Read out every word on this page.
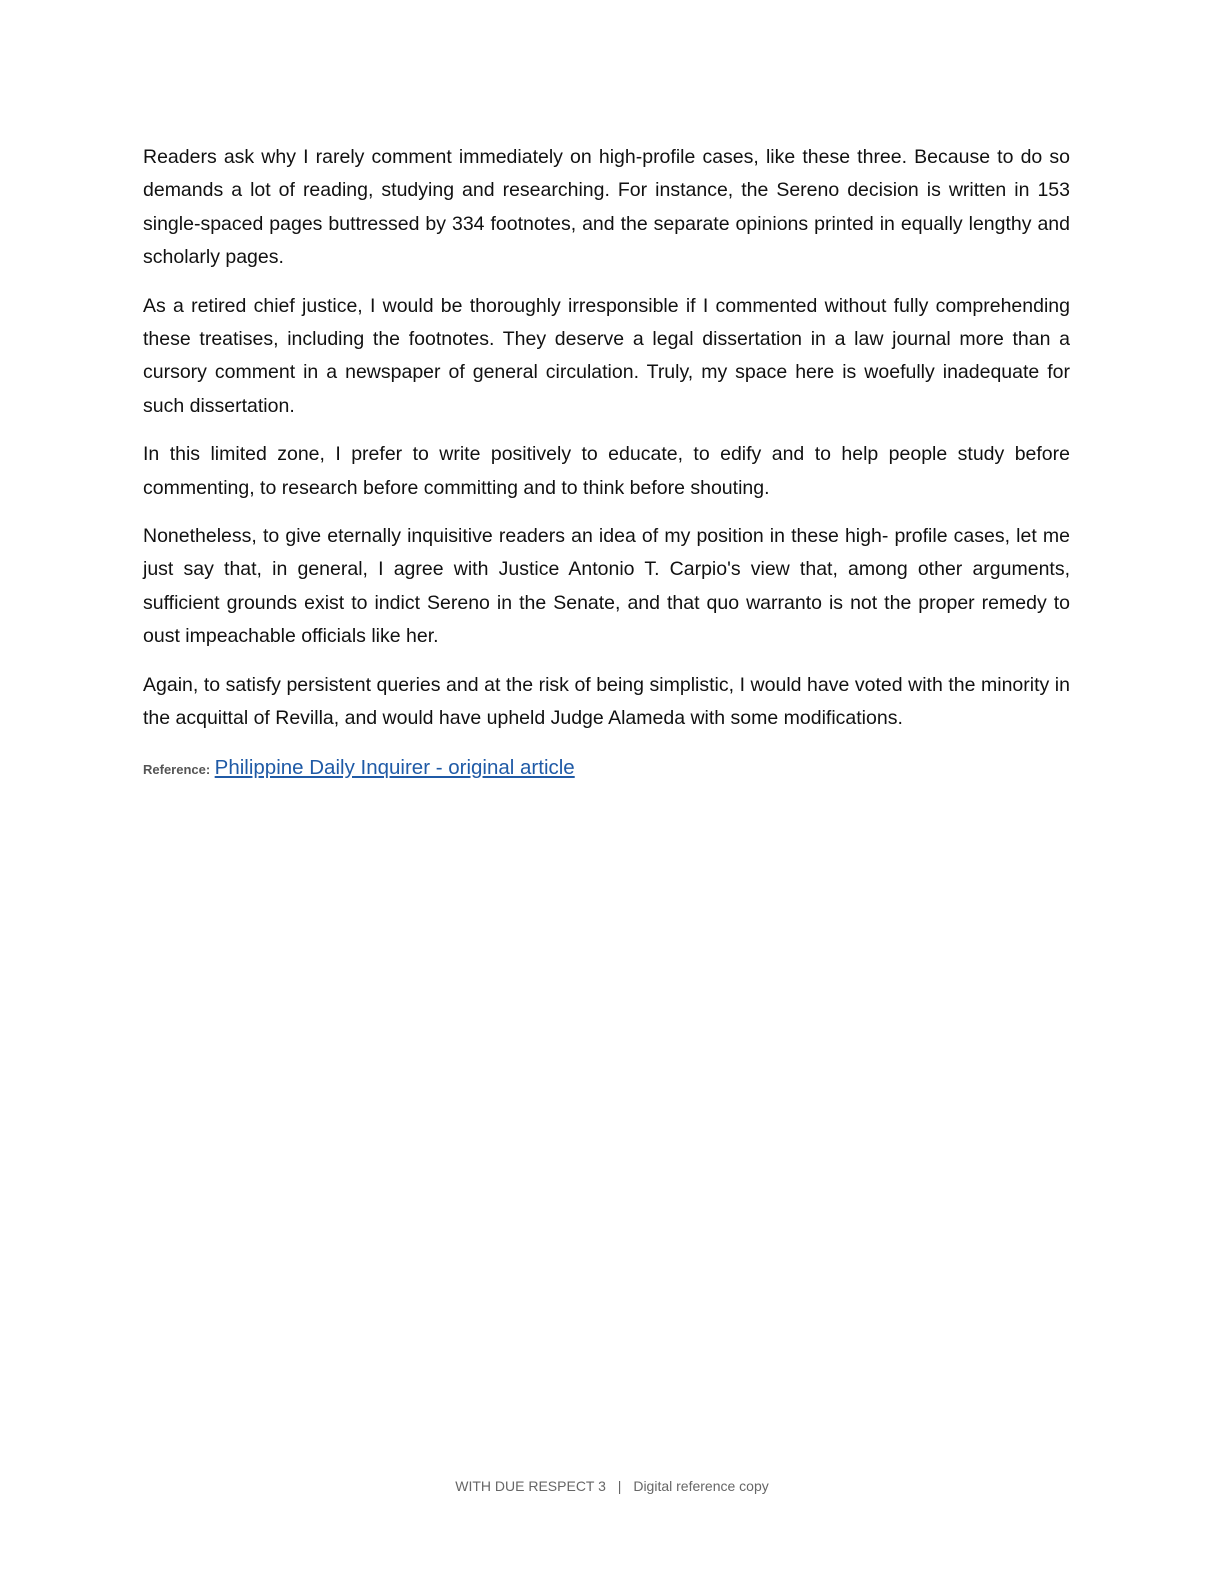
Readers ask why I rarely comment immediately on high-profile cases, like these three. Because to do so demands a lot of reading, studying and researching. For instance, the Sereno decision is written in 153 single-spaced pages buttressed by 334 footnotes, and the separate opinions printed in equally lengthy and scholarly pages.

As a retired chief justice, I would be thoroughly irresponsible if I commented without fully comprehending these treatises, including the footnotes. They deserve a legal dissertation in a law journal more than a cursory comment in a newspaper of general circulation. Truly, my space here is woefully inadequate for such dissertation.

In this limited zone, I prefer to write positively to educate, to edify and to help people study before commenting, to research before committing and to think before shouting.

Nonetheless, to give eternally inquisitive readers an idea of my position in these high- profile cases, let me just say that, in general, I agree with Justice Antonio T. Carpio's view that, among other arguments, sufficient grounds exist to indict Sereno in the Senate, and that quo warranto is not the proper remedy to oust impeachable officials like her.

Again, to satisfy persistent queries and at the risk of being simplistic, I would have voted with the minority in the acquittal of Revilla, and would have upheld Judge Alameda with some modifications.

Reference: Philippine Daily Inquirer - original article
WITH DUE RESPECT 3 | Digital reference copy
